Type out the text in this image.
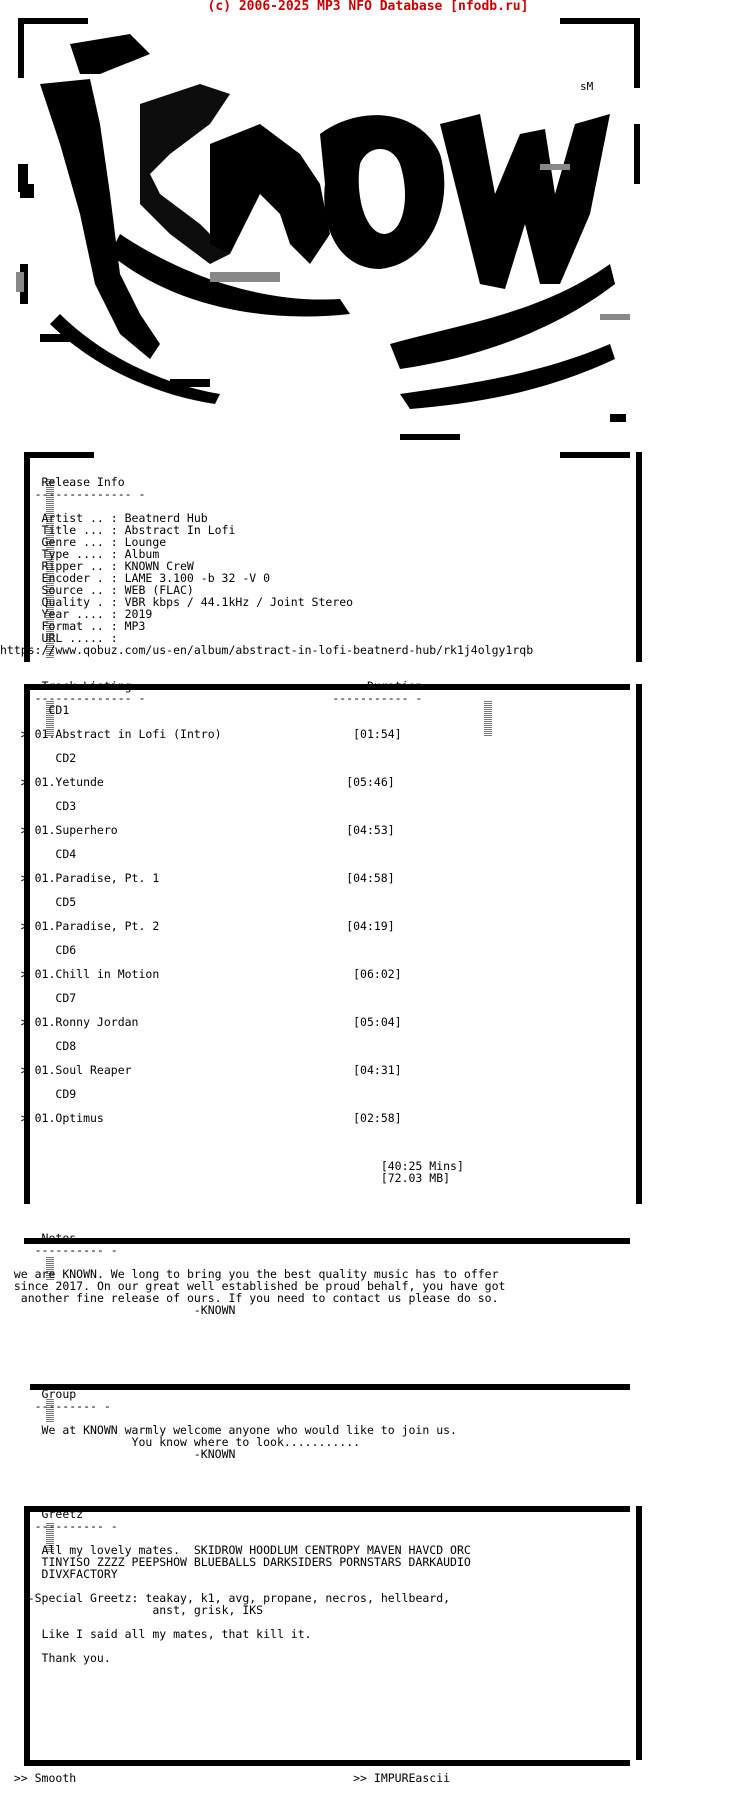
(c) 2006-2025 MP3 NFO Database [nfodb.ru]
sM

Release Info
-------------- -

Artist .. : Beatnerd Hub
Title ... : Abstract In Lofi
Genre ... : Lounge
Type .... : Album
Ripper .. : KNOWN CreW
Encoder . : LAME 3.100 -b 32 -V 0
Source .. : WEB (FLAC)
Quality . : VBR kbps / 44.1kHz / Joint Stereo
Year .... : 2019
Format .. : MP3
URL ..... :

https://www.qobuz.com/us-en/album/abstract-in-lofi-beatnerd-hub/rk1j4olgy1rqb

Track Listing	Duration
-------------- -                           ----------- -
CD1

> 01.Abstract in Lofi (Intro)	[01:54]

CD2

> 01.Yetunde	[05:46]

CD3

> 01.Superhero	[04:53]

CD4

> 01.Paradise, Pt. 1	[04:58]

CD5

> 01.Paradise, Pt. 2	[04:19]

CD6

> 01.Chill in Motion	[06:02]

CD7

> 01.Ronny Jordan	[05:04]

CD8

> 01.Soul Reaper	[04:31]

CD9

> 01.Optimus	[02:58]

[40:25 Mins]
[72.03 MB]

Notes
---------- -

we are KNOWN. We long to bring you the best quality music has to offer
since 2017. On our great well established be proud behalf, you have got
another fine release of ours. If you need to contact us please do so.
-KNOWN

Group
--------- -

We at KNOWN warmly welcome anyone who would like to join us.
You know where to look...........
-KNOWN

Greetz
---------- -

All my lovely mates.  SKIDROW HOODLUM CENTROPY MAVEN HAVCD ORC
TINYISO ZZZZ PEEPSHOW BLUEBALLS DARKSIDERS PORNSTARS DARKAUDIO
DIVXFACTORY

-Special Greetz: teakay, k1, avg, propane, necros, hellbeard,
anst, grisk, IKS

Like I said all my mates, that kill it.

Thank you.

>> Smooth	>> IMPUREascii
